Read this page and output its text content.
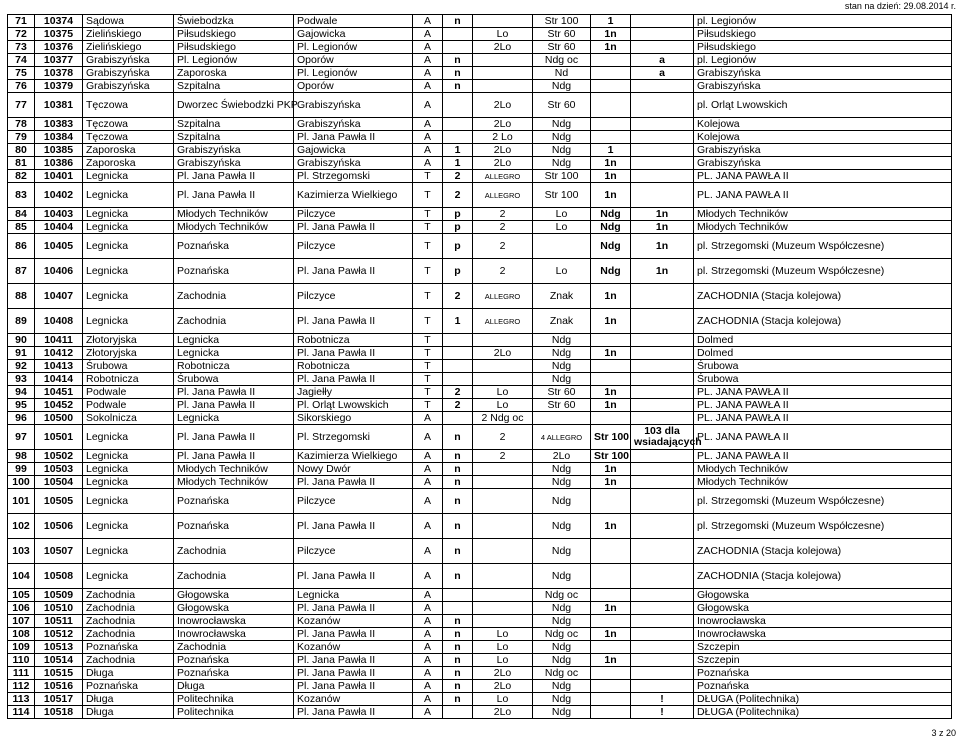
stan na dzień: 29.08.2014 r.
71	10374	Sądowa	Świebodzka	Podwale	A	n		Str 100	1		pl. Legionów
72	10375	Zielińskiego	Piłsudskiego	Gajowicka	A		Lo	Str 60	1n		Piłsudskiego
73	10376	Zielińskiego	Piłsudskiego	Pl. Legionów	A		2Lo	Str 60	1n		Piłsudskiego
74	10377	Grabiszyńska	Pl. Legionów	Oporów	A	n		Ndg oc		a	pl. Legionów
75	10378	Grabiszyńska	Zaporoska	Pl. Legionów	A	n		Nd		a	Grabiszyńska
76	10379	Grabiszyńska	Szpitalna	Oporów	A	n		Ndg			Grabiszyńska
77	10381	Tęczowa	Dworzec Świebodzki PKP	Grabiszyńska	A		2Lo	Str 60			pl. Orląt Lwowskich
78	10383	Tęczowa	Szpitalna	Grabiszyńska	A		2Lo	Ndg			Kolejowa
79	10384	Tęczowa	Szpitalna	Pl. Jana Pawła II	A		2 Lo	Ndg			Kolejowa
80	10385	Zaporoska	Grabiszyńska	Gajowicka	A	1	2Lo	Ndg	1		Grabiszyńska
81	10386	Zaporoska	Grabiszyńska	Grabiszyńska	A	1	2Lo	Ndg	1n		Grabiszyńska
82	10401	Legnicka	Pl. Jana Pawła II	Pl. Strzegomski	T	2	ALLEGRO	Str 100	1n		PL. JANA PAWŁA II
83	10402	Legnicka	Pl. Jana Pawła II	Kazimierza Wielkiego	T	2	ALLEGRO	Str 100	1n		PL. JANA PAWŁA II
84	10403	Legnicka	Młodych Techników	Pilczyce	T	p	2	Lo	Ndg	1n	Młodych Techników
85	10404	Legnicka	Młodych Techników	Pl. Jana Pawła II	T	p	2	Lo	Ndg	1n	Młodych Techników
86	10405	Legnicka	Poznańska	Pilczyce	T	p	2		Ndg	1n	pl. Strzegomski (Muzeum Współczesne)
87	10406	Legnicka	Poznańska	Pl. Jana Pawła II	T	p	2	Lo	Ndg	1n	pl. Strzegomski (Muzeum Współczesne)
88	10407	Legnicka	Zachodnia	Pilczyce	T	2	ALLEGRO	Znak	1n		ZACHODNIA (Stacja kolejowa)
89	10408	Legnicka	Zachodnia	Pl. Jana Pawła II	T	1	ALLEGRO	Znak	1n		ZACHODNIA (Stacja kolejowa)
90	10411	Złotoryjska	Legnicka	Robotnicza	T			Ndg			Dolmed
91	10412	Złotoryjska	Legnicka	Pl. Jana Pawła II	T		2Lo	Ndg	1n		Dolmed
92	10413	Śrubowa	Robotnicza	Robotnicza	T			Ndg			Śrubowa
93	10414	Robotnicza	Śrubowa	Pl. Jana Pawła II	T			Ndg			Śrubowa
94	10451	Podwale	Pl. Jana Pawła II	Jagiełły	T	2	Lo	Str 60	1n		PL. JANA PAWŁA II
95	10452	Podwale	Pl. Jana Pawła II	Pl. Orląt Lwowskich	T	2	Lo	Str 60	1n		PL. JANA PAWŁA II
96	10500	Sokolnicza	Legnicka	Sikorskiego	A		2 Ndg oc				PL. JANA PAWŁA II
97	10501	Legnicka	Pl. Jana Pawła II	Pl. Strzegomski	A	n	2	4 ALLEGRO	Str 100	103 dla wsiadających	PL. JANA PAWŁA II
98	10502	Legnicka	Pl. Jana Pawła II	Kazimierza Wielkiego	A	n	2	2Lo	Str 100		PL. JANA PAWŁA II
99	10503	Legnicka	Młodych Techników	Nowy Dwór	A	n		Ndg	1n		Młodych Techników
100	10504	Legnicka	Młodych Techników	Pl. Jana Pawła II	A	n		Ndg	1n		Młodych Techników
101	10505	Legnicka	Poznańska	Pilczyce	A	n		Ndg			pl. Strzegomski (Muzeum Współczesne)
102	10506	Legnicka	Poznańska	Pl. Jana Pawła II	A	n		Ndg	1n		pl. Strzegomski (Muzeum Współczesne)
103	10507	Legnicka	Zachodnia	Pilczyce	A	n		Ndg			ZACHODNIA (Stacja kolejowa)
104	10508	Legnicka	Zachodnia	Pl. Jana Pawła II	A	n		Ndg			ZACHODNIA (Stacja kolejowa)
105	10509	Zachodnia	Głogowska	Legnicka	A			Ndg oc			Głogowska
106	10510	Zachodnia	Głogowska	Pl. Jana Pawła II	A			Ndg	1n		Głogowska
107	10511	Zachodnia	Inowrocławska	Kozanów	A	n		Ndg			Inowrocławska
108	10512	Zachodnia	Inowrocławska	Pl. Jana Pawła II	A	n	Lo	Ndg oc	1n		Inowrocławska
109	10513	Poznańska	Zachodnia	Kozanów	A	n	Lo	Ndg			Szczepin
110	10514	Zachodnia	Poznańska	Pl. Jana Pawła II	A	n	Lo	Ndg	1n		Szczepin
111	10515	Długa	Poznańska	Pl. Jana Pawła II	A	n	2Lo	Ndg oc			Poznańska
112	10516	Poznańska	Długa	Pl. Jana Pawła II	A	n	2Lo	Ndg			Poznańska
113	10517	Długa	Politechnika	Kozanów	A	n	Lo	Ndg		!	DŁUGA (Politechnika)
114	10518	Długa	Politechnika	Pl. Jana Pawła II	A		2Lo	Ndg		!	DŁUGA (Politechnika)
3 z 20
